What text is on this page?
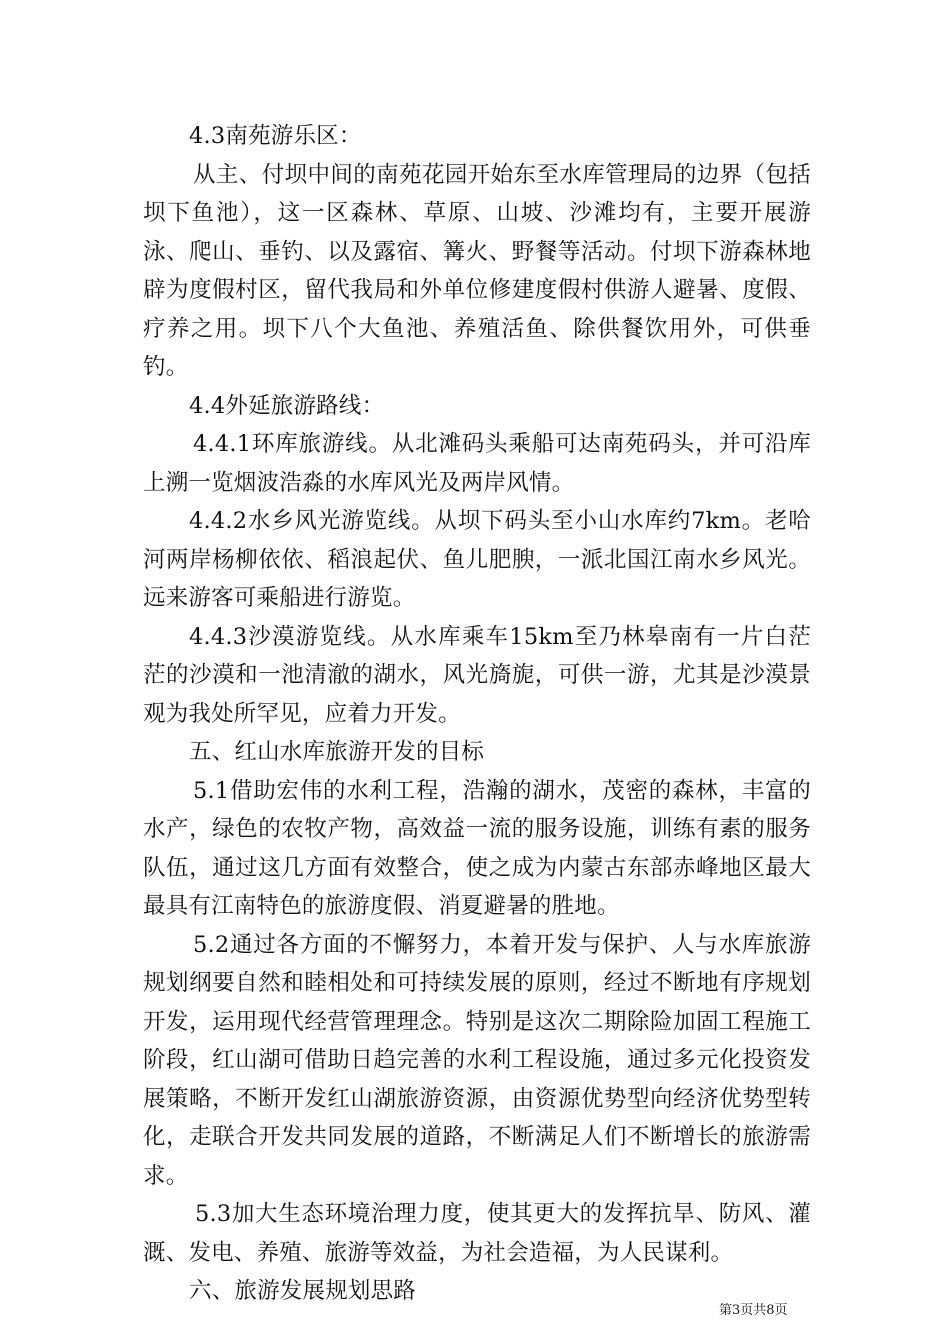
4.3南苑游乐区：

从主、付坝中间的南苑花园开始东至水库管理局的边界（包括坝下鱼池），这一区森林、草原、山坡、沙滩均有，主要开展游泳、爬山、垂钓、以及露宿、篝火、野餐等活动。付坝下游森林地辟为度假村区，留代我局和外单位修建度假村供游人避暑、度假、疗养之用。坝下八个大鱼池、养殖活鱼、除供餐饮用外，可供垂钓。

4.4外延旅游路线：

4.4.1环库旅游线。从北滩码头乘船可达南苑码头，并可沿库上溯一览烟波浩淼的水库风光及两岸风情。

4.4.2水乡风光游览线。从坝下码头至小山水库约7km。老哈河两岸杨柳依依、稻浪起伏、鱼儿肥腴，一派北国江南水乡风光。远来游客可乘船进行游览。

4.4.3沙漠游览线。从水库乘车15km至乃林皋南有一片白茫茫的沙漠和一池清澈的湖水，风光旖旎，可供一游，尤其是沙漠景观为我处所罕见，应着力开发。

五、红山水库旅游开发的目标

5.1借助宏伟的水利工程，浩瀚的湖水，茂密的森林，丰富的水产，绿色的农牧产物，高效益一流的服务设施，训练有素的服务队伍，通过这几方面有效整合，使之成为内蒙古东部赤峰地区最大最具有江南特色的旅游度假、消夏避暑的胜地。

5.2通过各方面的不懈努力，本着开发与保护、人与水库旅游规划纲要自然和睦相处和可持续发展的原则，经过不断地有序规划开发，运用现代经营管理理念。特别是这次二期除险加固工程施工阶段，红山湖可借助日趋完善的水利工程设施，通过多元化投资发展策略，不断开发红山湖旅游资源，由资源优势型向经济优势型转化，走联合开发共同发展的道路，不断满足人们不断增长的旅游需求。

5.3加大生态环境治理力度，使其更大的发挥抗旱、防风、灌溉、发电、养殖、旅游等效益，为社会造福，为人民谋利。

六、旅游发展规划思路

第3页共8页
